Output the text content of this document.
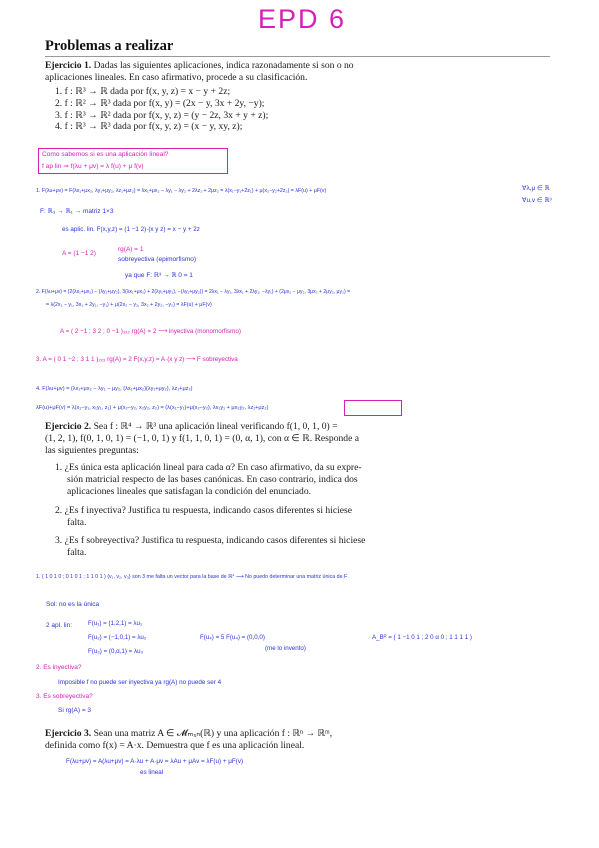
EPD 6
Problemas a realizar
Ejercicio 1. Dadas las siguientes aplicaciones, indica razonadamente si son o no
aplicaciones lineales. En caso afirmativo, procede a su clasificación.
1. f : ℝ³ → ℝ dada por f(x, y, z) = x − y + 2z;
2. f : ℝ² → ℝ³ dada por f(x, y) = (2x − y, 3x + 2y, −y);
3. f : ℝ³ → ℝ² dada por f(x, y, z) = (y − 2z, 3x + y + z);
4. f : ℝ³ → ℝ³ dada por f(x, y, z) = (x − y, xy, z);
Como sabemos si es una aplicación lineal?
f ap lin ⇒ f(λu + μv) = λ f(u) + μ f(v)
1. F(λu+μv) = F(λx₁+μx₂, λy₁+μy₂, λz₁+μz₂) = λx₁+μx₂ − λy₁ − λy₂ + 2λz₁ + 2μz₂ = λ(x₁−y₁+2z₁) + μ(x₂−y₂+2z₂) = λF(u) + μF(v)	∀λ,μ ∈ ℝ
∀u,v ∈ ℝ³
F: ℝ₃ → ℝ₁ → matriz 1×3
es aplic. lin. F(x,y,z) = (1 −1 2)·(x y z) = x − y + 2z
A = (1 −1 2)
rg(A) = 1
sobreyectiva (epimorfismo)
ya que F: ℝ³ → ℝ 0 = 1
2. F(λu+μv) = (2(λx₁+μx₂) − (λy₁+μy₂), 3(λx₁+μx₂) + 2(λy₁+μy₂), −(λy₁+μy₂)) = 2λx₁ − λy₁, 3λx₁ + 2λy₁, −λy₁) + (2μx₂ − μy₂, 3μx₂ + 2μy₂, μy₂) =
= λ(2x₁ − y₁, 3x₁ + 2y₁, −y₁) + μ(2x₂ − y₂, 3x₂ + 2y₂, −y₂) = λF(u) + μF(v)
A = ( 2 −1 ; 3 2 ; 0 −1 )₃ₓ₂ rg(A) = 2 ⟶ inyectiva (monomorfismo)
3. A = ( 0 1 −2 ; 3 1 1 )₂ₓ₃ rg(A) = 2 F(x,y,z) = A·(x y z) ⟶ F sobreyectiva
4. F(λu+μv) = (λx₁+μx₂ − λy₁ − μy₂, (λx₁+μx₂)(λy₁+μy₂), λz₁+μz₂)
λF(u)+μF(v) = λ(x₁−y₁, x₁y₁, z₁) + μ(x₂−y₂, x₂y₂, z₂) = (λ(x₁−y₁)+μ(x₂−y₂), λx₁y₁ + μx₂y₂, λz₁+μz₂)
Ejercicio 2. Sea f : ℝ⁴ → ℝ³ una aplicación lineal verificando f(1, 0, 1, 0) =
(1, 2, 1), f(0, 1, 0, 1) = (−1, 0, 1) y f(1, 1, 0, 1) = (0, α, 1), con α ∈ ℝ. Responde a
las siguientes preguntas:
1. ¿Es única esta aplicación lineal para cada α? En caso afirmativo, da su expre-
sión matricial respecto de las bases canónicas. En caso contrario, indica dos
aplicaciones lineales que satisfagan la condición del enunciado.
2. ¿Es f inyectiva? Justifica tu respuesta, indicando casos diferentes si hiciese
falta.
3. ¿Es f sobreyectiva? Justifica tu respuesta, indicando casos diferentes si hiciese
falta.
1. ( 1 0 1 0 ; 0 1 0 1 ; 1 1 0 1 ) {v₁, v₂, v₃} son 3 me falta un vector para la base de ℝ⁴ ⟶ No puedo determinar una matriz única de F
Sol: no es la única
2 apl. lin:	F(u₁) = (1,2,1) = λu₁
F(u₂) = (−1,0,1) = λu₂
F(u₃) = (0,α,1) = λu₃
F(u₄) = 5 F(u₄) = (0,0,0)
(me lo invento)
A_Bᴿ = ( 1 −1 0 1 ; 2 0 α 0 ; 1 1 1 1 )
2. Es inyectiva?
Imposible f no puede ser inyectiva ya rg(A) no puede ser 4
3. Es sobreyectiva?
Si rg(A) = 3
Ejercicio 3. Sean una matriz A ∈ 𝓜ₘₓₙ(ℝ) y una aplicación f : ℝⁿ → ℝᵐ,
definida como f(x) = A·x. Demuestra que f es una aplicación lineal.
F(λu+μv) = A(λu+μv) = A·λu + A·μv = λAu + μAv = λF(u) + μF(v)
es lineal
